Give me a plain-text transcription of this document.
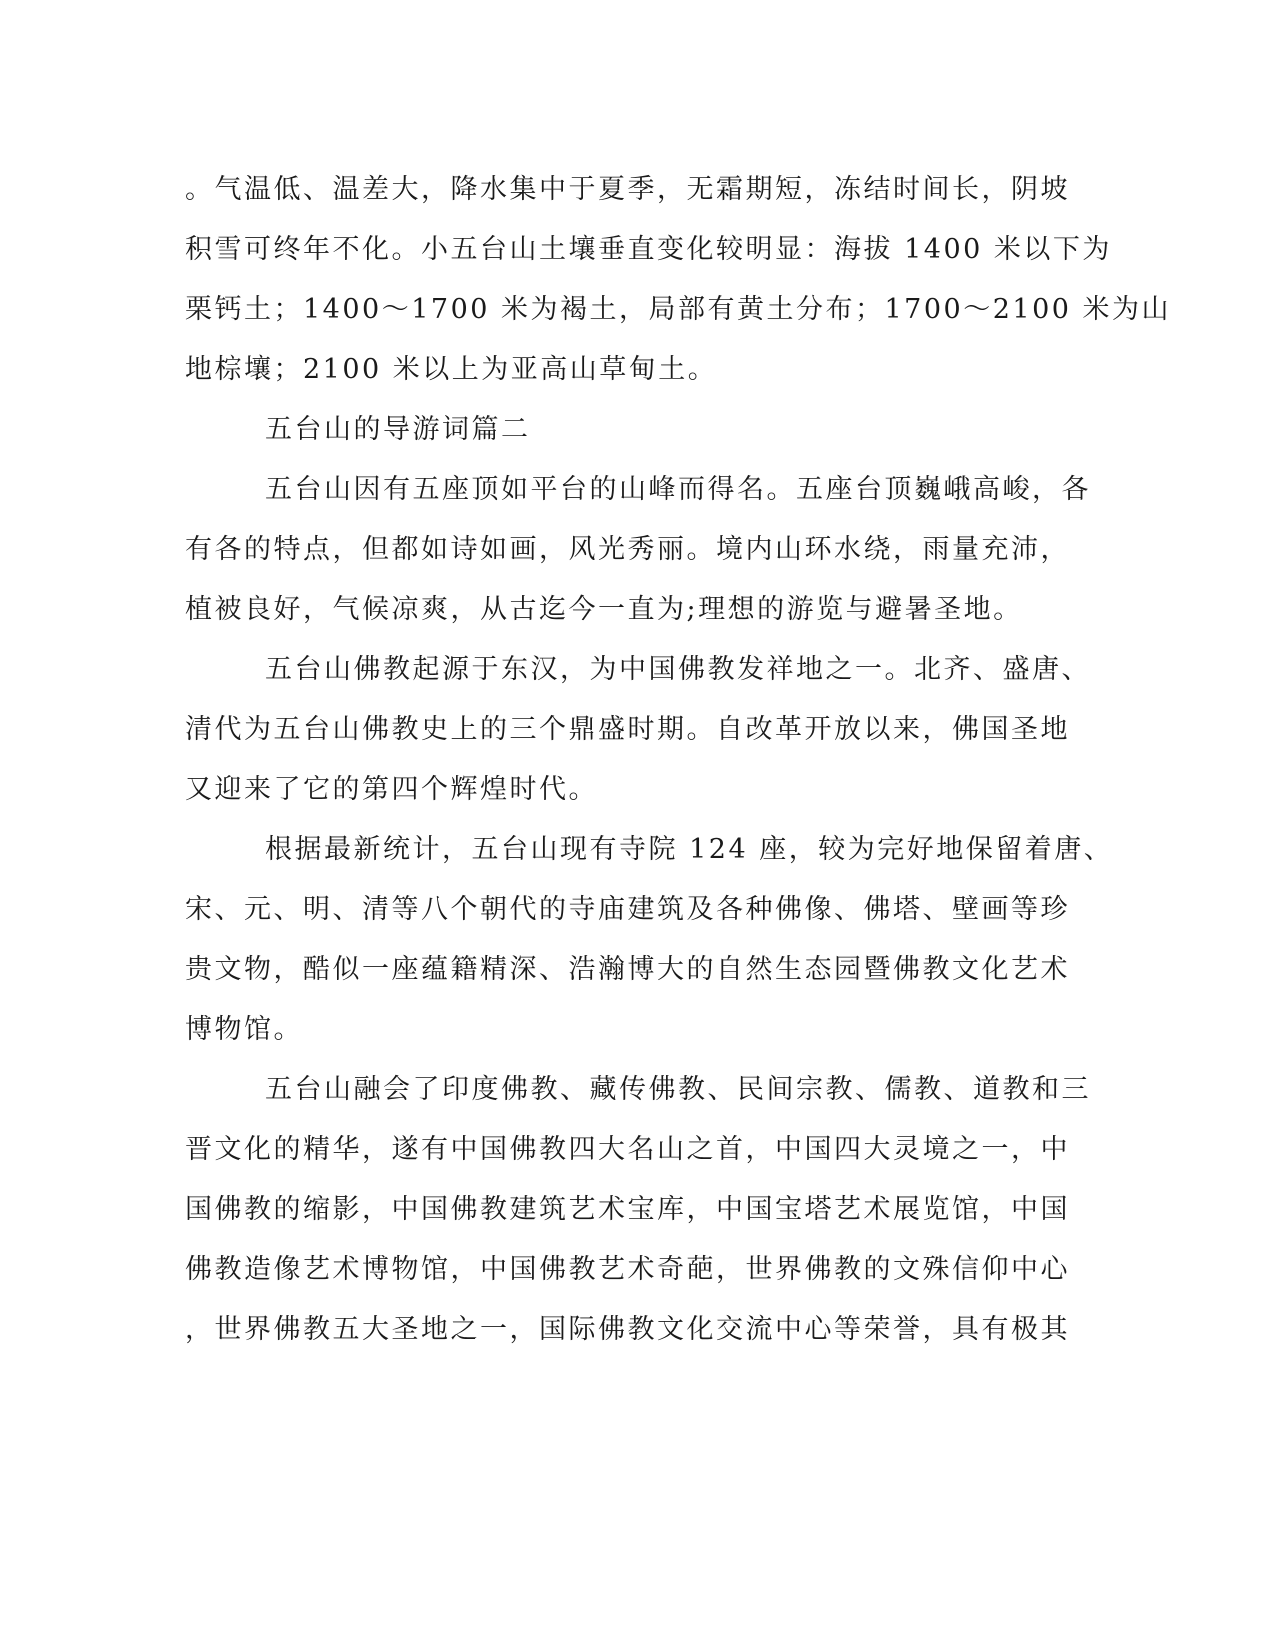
。气温低、温差大，降水集中于夏季，无霜期短，冻结时间长，阴坡
积雪可终年不化。小五台山土壤垂直变化较明显：海拔 1400 米以下为
栗钙土；1400～1700 米为褐土，局部有黄土分布；1700～2100 米为山
地棕壤；2100 米以上为亚高山草甸土。
五台山的导游词篇二
五台山因有五座顶如平台的山峰而得名。五座台顶巍峨高峻，各
有各的特点，但都如诗如画，风光秀丽。境内山环水绕，雨量充沛，
植被良好，气候凉爽，从古迄今一直为;理想的游览与避暑圣地。
五台山佛教起源于东汉，为中国佛教发祥地之一。北齐、盛唐、
清代为五台山佛教史上的三个鼎盛时期。自改革开放以来，佛国圣地
又迎来了它的第四个辉煌时代。
根据最新统计，五台山现有寺院 124 座，较为完好地保留着唐、
宋、元、明、清等八个朝代的寺庙建筑及各种佛像、佛塔、壁画等珍
贵文物，酷似一座蕴籍精深、浩瀚博大的自然生态园暨佛教文化艺术
博物馆。
五台山融会了印度佛教、藏传佛教、民间宗教、儒教、道教和三
晋文化的精华，遂有中国佛教四大名山之首，中国四大灵境之一，中
国佛教的缩影，中国佛教建筑艺术宝库，中国宝塔艺术展览馆，中国
佛教造像艺术博物馆，中国佛教艺术奇葩，世界佛教的文殊信仰中心
，世界佛教五大圣地之一，国际佛教文化交流中心等荣誉，具有极其
